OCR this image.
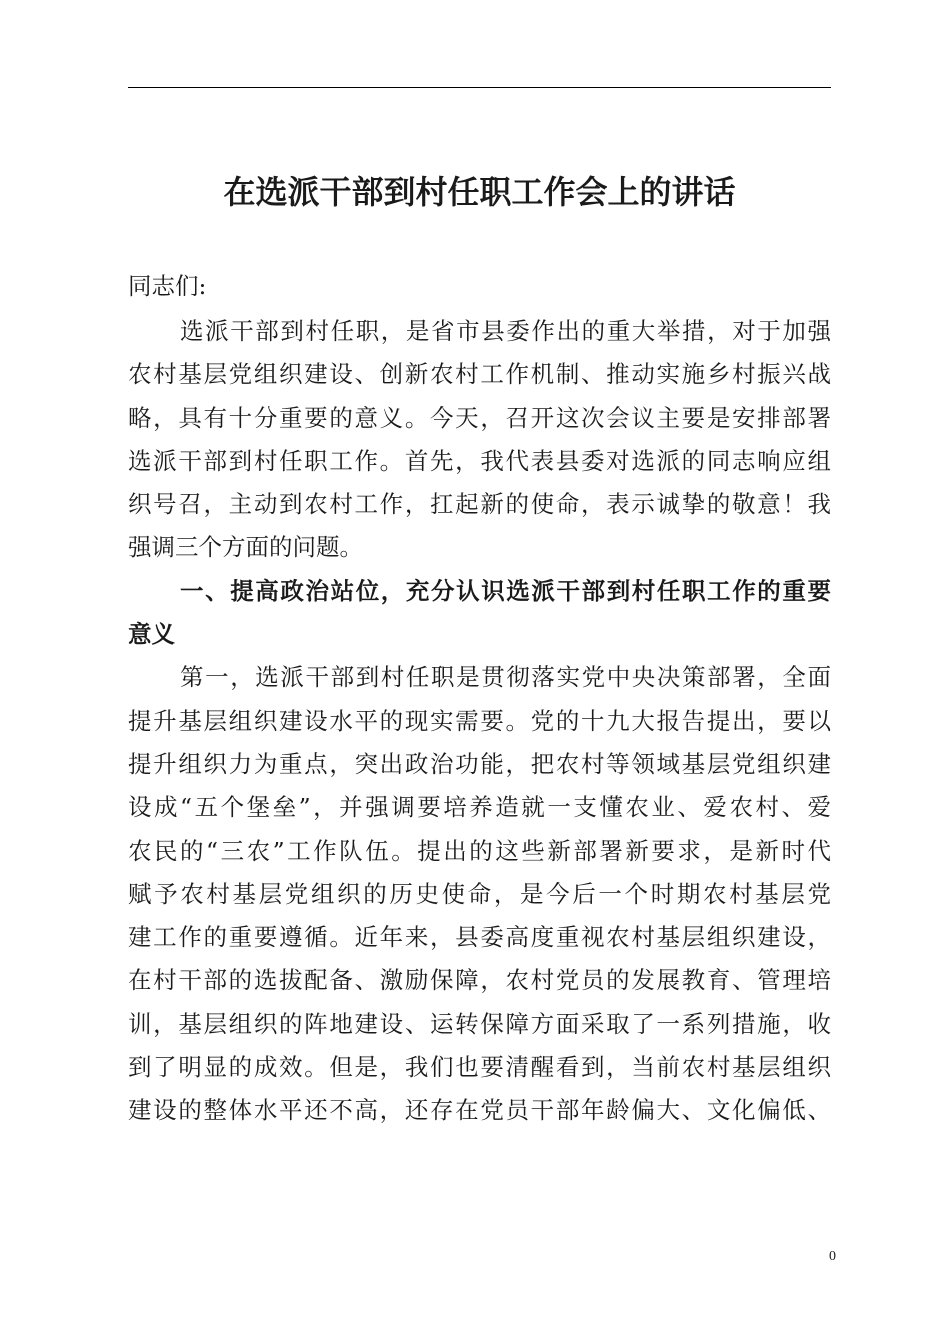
在选派干部到村任职工作会上的讲话

同志们:

选派干部到村任职，是省市县委作出的重大举措，对于加强
农村基层党组织建设、创新农村工作机制、推动实施乡村振兴战
略，具有十分重要的意义。今天，召开这次会议主要是安排部署
选派干部到村任职工作。首先，我代表县委对选派的同志响应组
织号召，主动到农村工作，扛起新的使命，表示诚挚的敬意！我
强调三个方面的问题。
一、提高政治站位，充分认识选派干部到村任职工作的重要
意义
第一，选派干部到村任职是贯彻落实党中央决策部署，全面
提升基层组织建设水平的现实需要。党的十九大报告提出，要以
提升组织力为重点，突出政治功能，把农村等领域基层党组织建
设成“五个堡垒”，并强调要培养造就一支懂农业、爱农村、爱
农民的“三农”工作队伍。提出的这些新部署新要求，是新时代
赋予农村基层党组织的历史使命，是今后一个时期农村基层党
建工作的重要遵循。近年来，县委高度重视农村基层组织建设，
在村干部的选拔配备、激励保障，农村党员的发展教育、管理培
训，基层组织的阵地建设、运转保障方面采取了一系列措施，收
到了明显的成效。但是，我们也要清醒看到，当前农村基层组织
建设的整体水平还不高，还存在党员干部年龄偏大、文化偏低、
0
